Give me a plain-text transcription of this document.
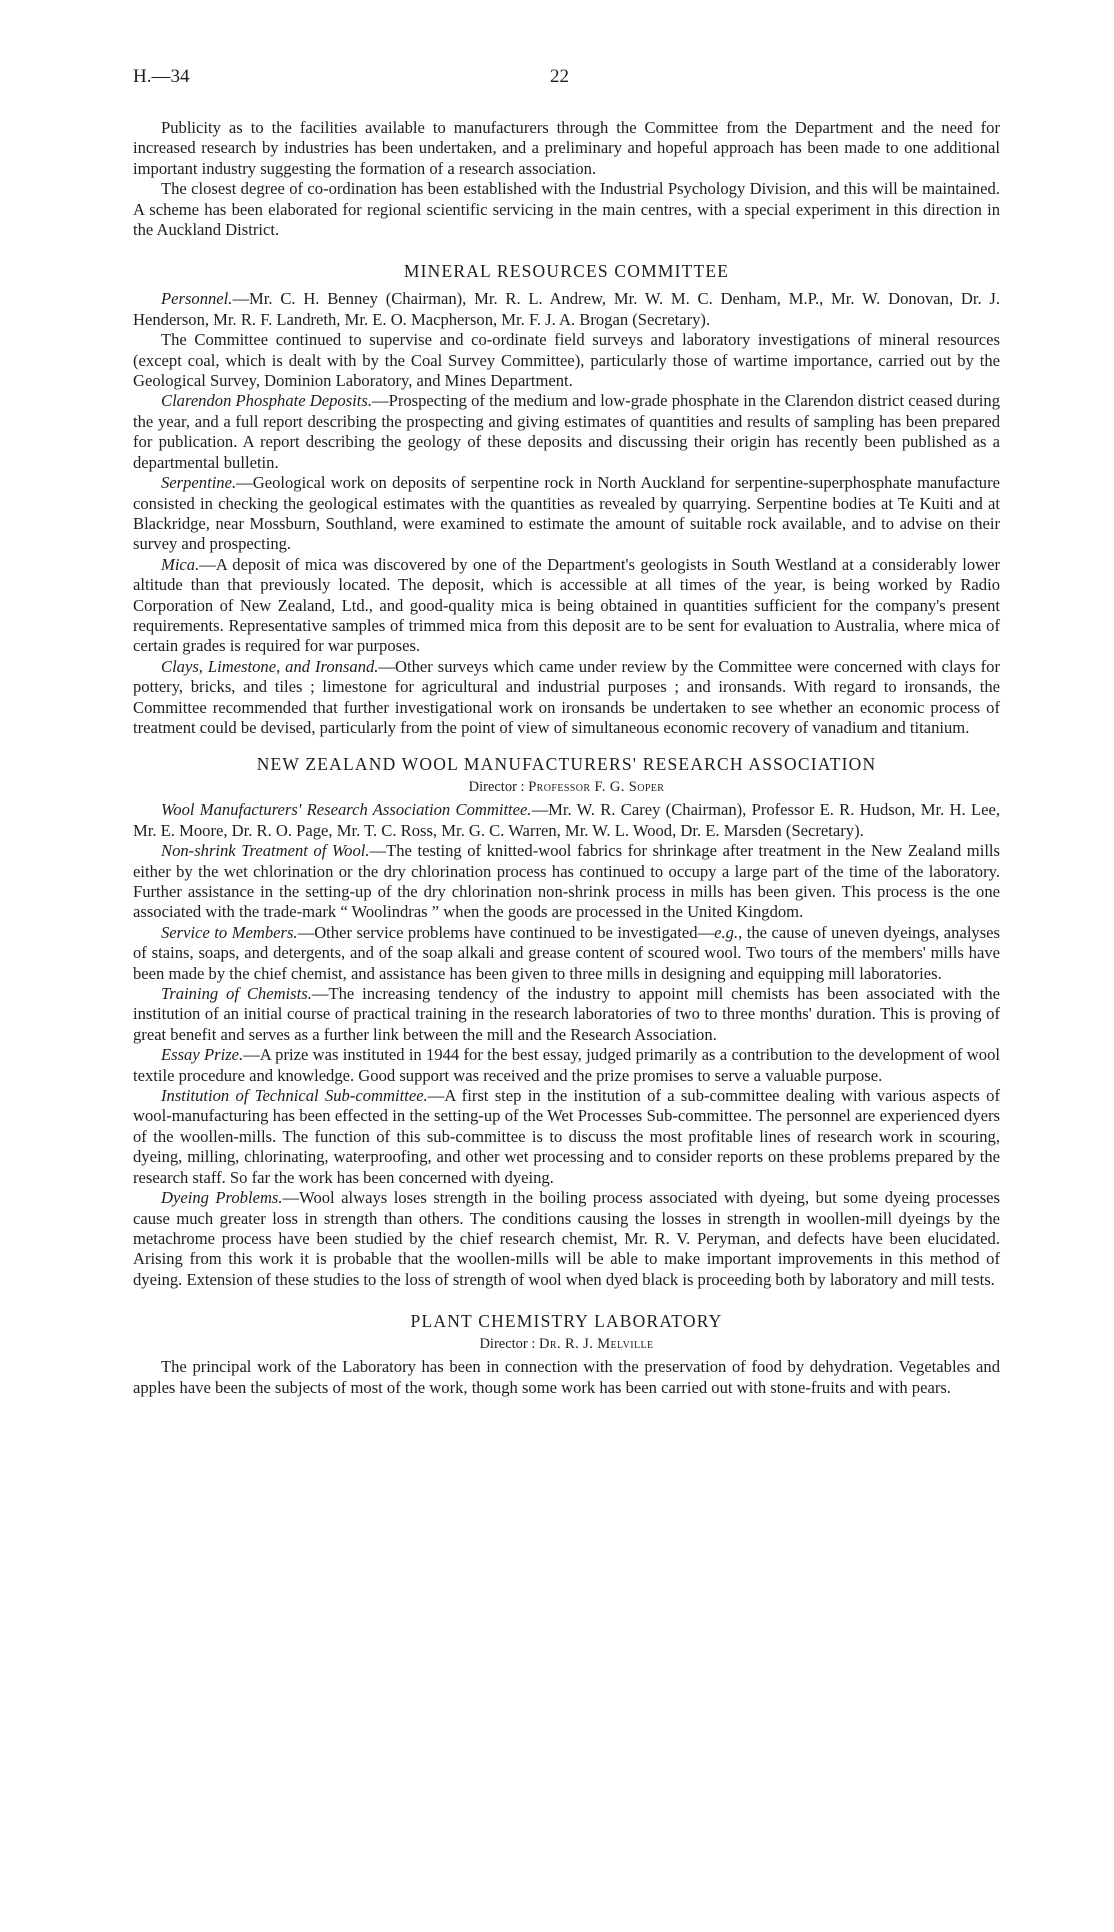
H.—34	22

Publicity as to the facilities available to manufacturers through the Committee from the Department and the need for increased research by industries has been undertaken, and a preliminary and hopeful approach has been made to one additional important industry suggesting the formation of a research association.

The closest degree of co-ordination has been established with the Industrial Psychology Division, and this will be maintained. A scheme has been elaborated for regional scientific servicing in the main centres, with a special experiment in this direction in the Auckland District.

MINERAL RESOURCES COMMITTEE

Personnel.—Mr. C. H. Benney (Chairman), Mr. R. L. Andrew, Mr. W. M. C. Denham, M.P., Mr. W. Donovan, Dr. J. Henderson, Mr. R. F. Landreth, Mr. E. O. Macpherson, Mr. F. J. A. Brogan (Secretary).

The Committee continued to supervise and co-ordinate field surveys and laboratory investigations of mineral resources (except coal, which is dealt with by the Coal Survey Committee), particularly those of wartime importance, carried out by the Geological Survey, Dominion Laboratory, and Mines Department.

Clarendon Phosphate Deposits.—Prospecting of the medium and low-grade phosphate in the Clarendon district ceased during the year, and a full report describing the prospecting and giving estimates of quantities and results of sampling has been prepared for publication. A report describing the geology of these deposits and discussing their origin has recently been published as a departmental bulletin.

Serpentine.—Geological work on deposits of serpentine rock in North Auckland for serpentine-superphosphate manufacture consisted in checking the geological estimates with the quantities as revealed by quarrying. Serpentine bodies at Te Kuiti and at Blackridge, near Mossburn, Southland, were examined to estimate the amount of suitable rock available, and to advise on their survey and prospecting.

Mica.—A deposit of mica was discovered by one of the Department's geologists in South Westland at a considerably lower altitude than that previously located. The deposit, which is accessible at all times of the year, is being worked by Radio Corporation of New Zealand, Ltd., and good-quality mica is being obtained in quantities sufficient for the company's present requirements. Representative samples of trimmed mica from this deposit are to be sent for evaluation to Australia, where mica of certain grades is required for war purposes.

Clays, Limestone, and Ironsand.—Other surveys which came under review by the Committee were concerned with clays for pottery, bricks, and tiles ; limestone for agricultural and industrial purposes ; and ironsands. With regard to ironsands, the Committee recommended that further investigational work on ironsands be undertaken to see whether an economic process of treatment could be devised, particularly from the point of view of simultaneous economic recovery of vanadium and titanium.

NEW ZEALAND WOOL MANUFACTURERS' RESEARCH ASSOCIATION
Director : Professor F. G. Soper

Wool Manufacturers' Research Association Committee.—Mr. W. R. Carey (Chairman), Professor E. R. Hudson, Mr. H. Lee, Mr. E. Moore, Dr. R. O. Page, Mr. T. C. Ross, Mr. G. C. Warren, Mr. W. L. Wood, Dr. E. Marsden (Secretary).

Non-shrink Treatment of Wool.—The testing of knitted-wool fabrics for shrinkage after treatment in the New Zealand mills either by the wet chlorination or the dry chlorination process has continued to occupy a large part of the time of the laboratory. Further assistance in the setting-up of the dry chlorination non-shrink process in mills has been given. This process is the one associated with the trade-mark “ Woolindras ” when the goods are processed in the United Kingdom.

Service to Members.—Other service problems have continued to be investigated—e.g., the cause of uneven dyeings, analyses of stains, soaps, and detergents, and of the soap alkali and grease content of scoured wool. Two tours of the members' mills have been made by the chief chemist, and assistance has been given to three mills in designing and equipping mill laboratories.

Training of Chemists.—The increasing tendency of the industry to appoint mill chemists has been associated with the institution of an initial course of practical training in the research laboratories of two to three months' duration. This is proving of great benefit and serves as a further link between the mill and the Research Association.

Essay Prize.—A prize was instituted in 1944 for the best essay, judged primarily as a contribution to the development of wool textile procedure and knowledge. Good support was received and the prize promises to serve a valuable purpose.

Institution of Technical Sub-committee.—A first step in the institution of a sub-committee dealing with various aspects of wool-manufacturing has been effected in the setting-up of the Wet Processes Sub-committee. The personnel are experienced dyers of the woollen-mills. The function of this sub-committee is to discuss the most profitable lines of research work in scouring, dyeing, milling, chlorinating, waterproofing, and other wet processing and to consider reports on these problems prepared by the research staff. So far the work has been concerned with dyeing.

Dyeing Problems.—Wool always loses strength in the boiling process associated with dyeing, but some dyeing processes cause much greater loss in strength than others. The conditions causing the losses in strength in woollen-mill dyeings by the metachrome process have been studied by the chief research chemist, Mr. R. V. Peryman, and defects have been elucidated. Arising from this work it is probable that the woollen-mills will be able to make important improvements in this method of dyeing. Extension of these studies to the loss of strength of wool when dyed black is proceeding both by laboratory and mill tests.

PLANT CHEMISTRY LABORATORY
Director : Dr. R. J. Melville

The principal work of the Laboratory has been in connection with the preservation of food by dehydration. Vegetables and apples have been the subjects of most of the work, though some work has been carried out with stone-fruits and with pears.
